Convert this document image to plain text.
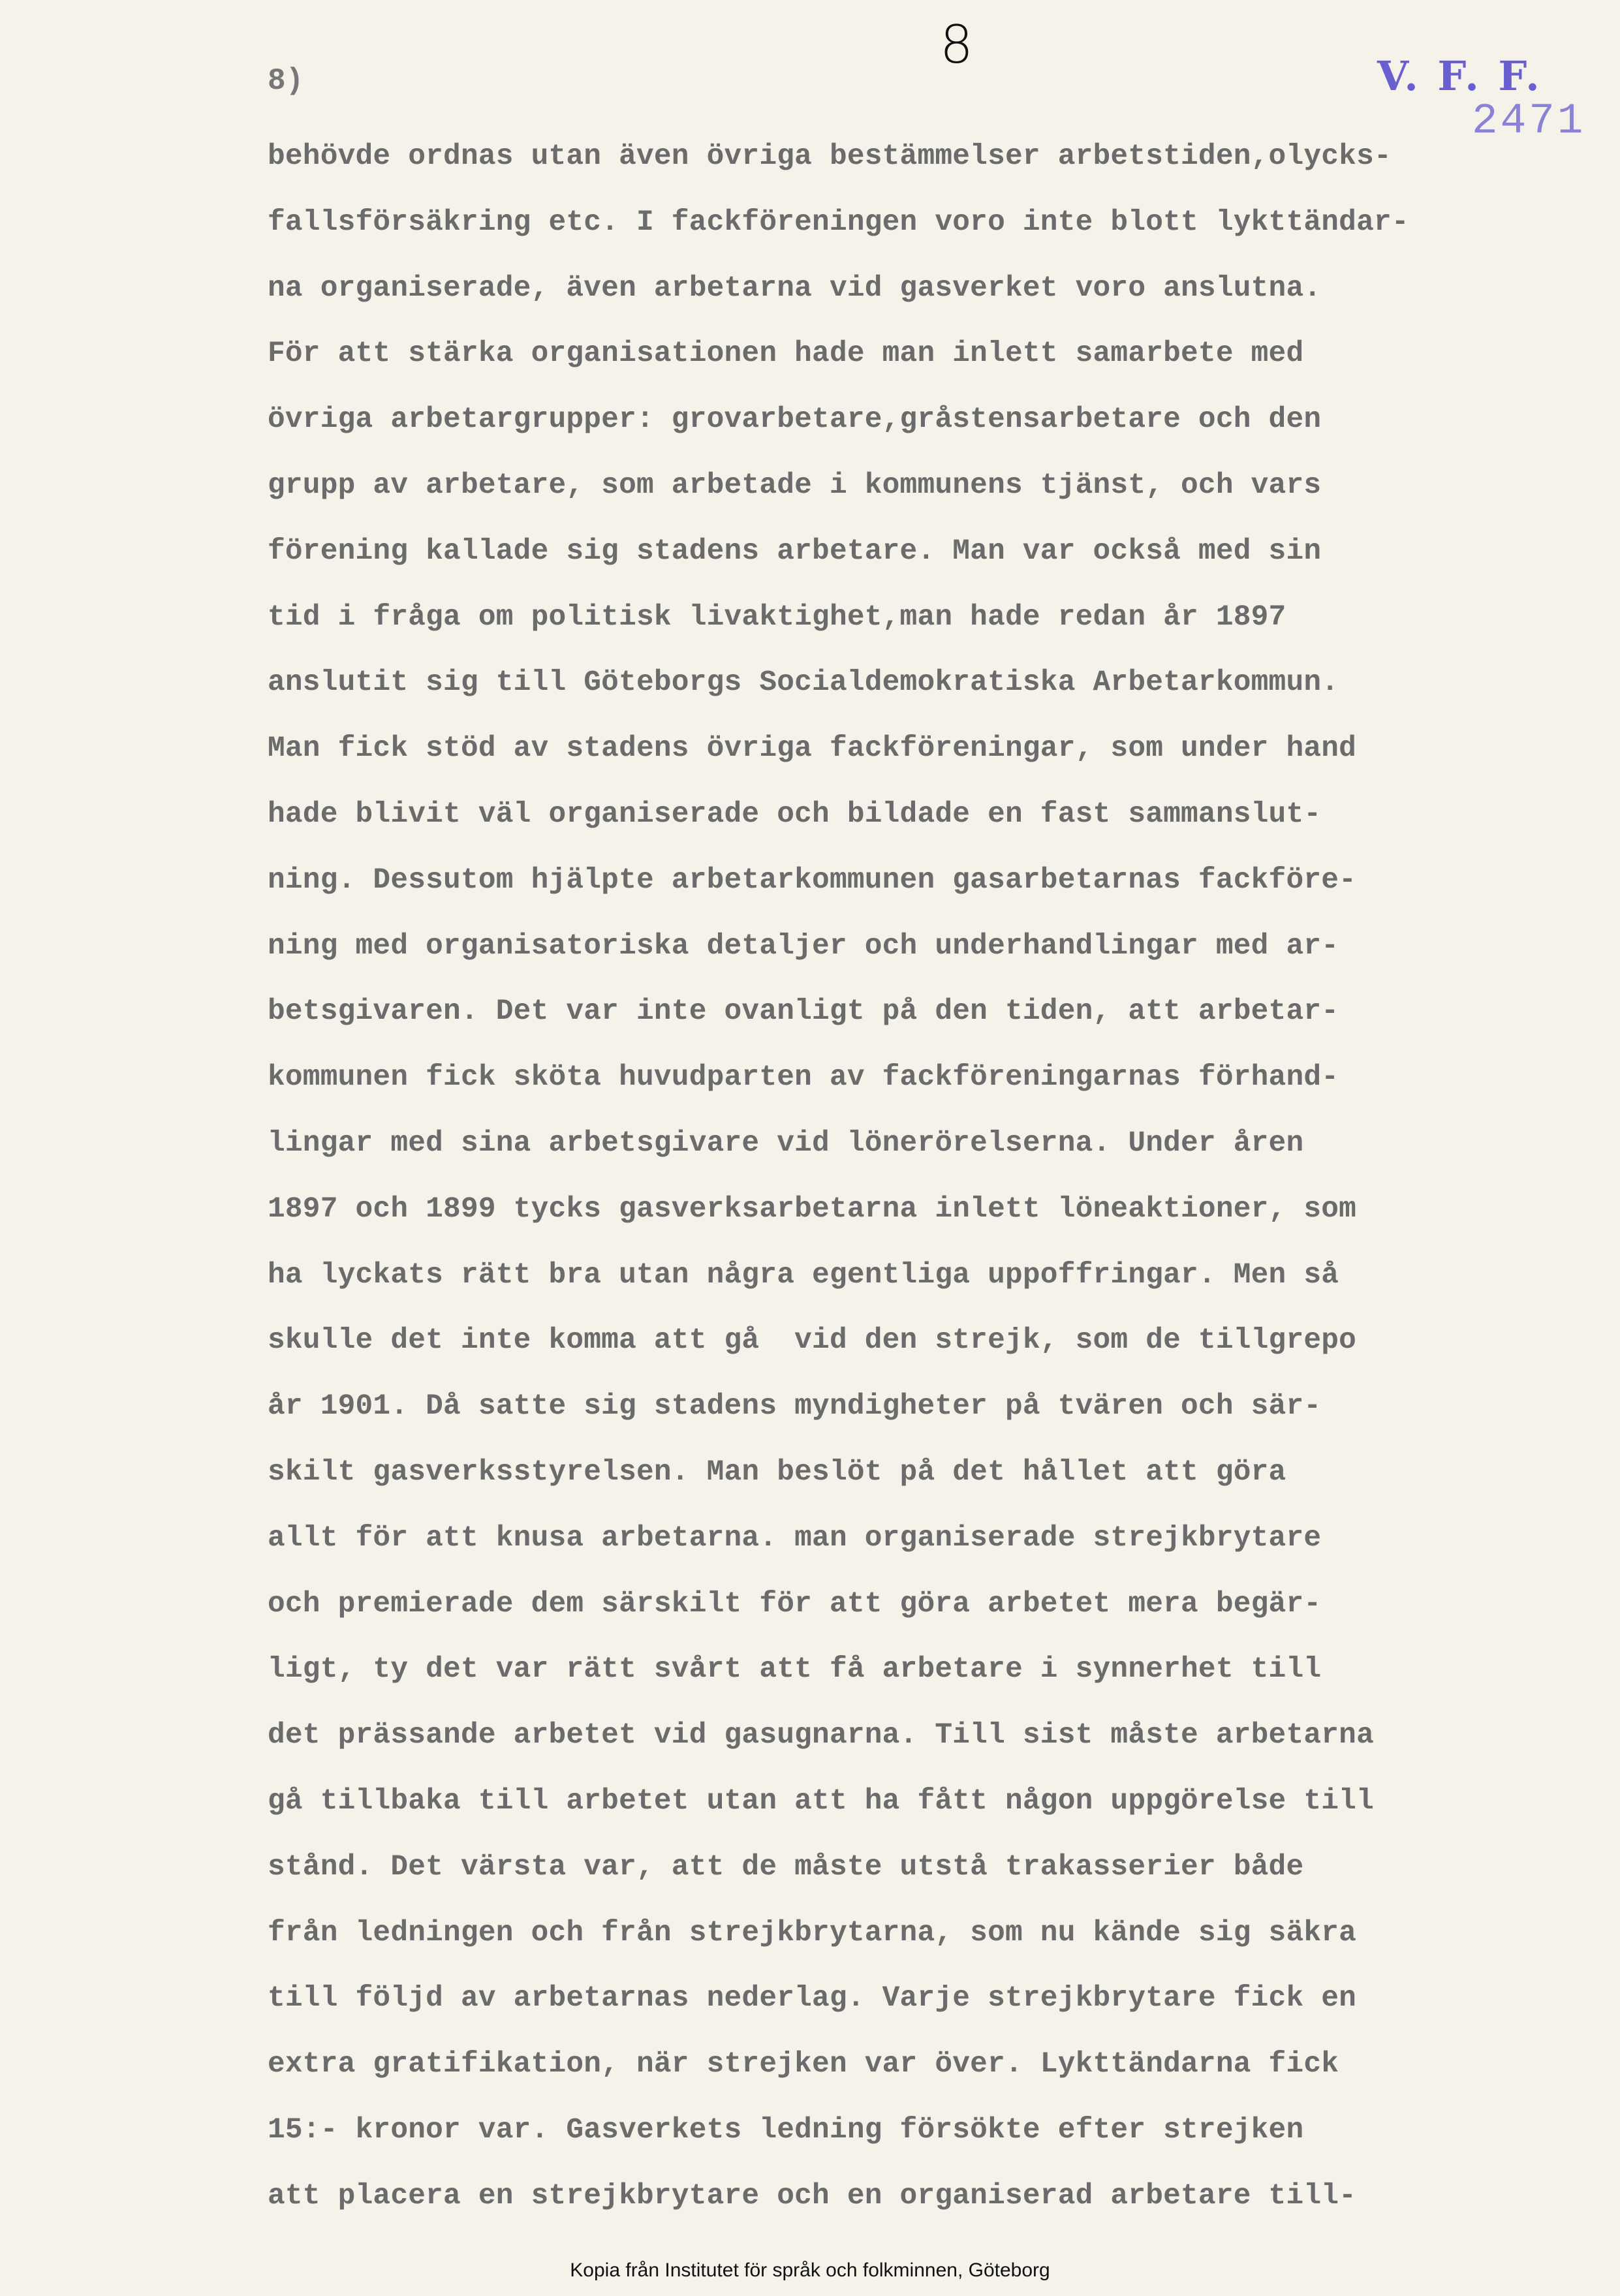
8
8)	V. F. F.
2471
behövde ordnas utan även övriga bestämmelser arbetstiden,olycks-
fallsförsäkring etc. I fackföreningen voro inte blott lykttändar-
na organiserade, även arbetarna vid gasverket voro anslutna.
För att stärka organisationen hade man inlett samarbete med
övriga arbetargrupper: grovarbetare,gråstensarbetare och den
grupp av arbetare, som arbetade i kommunens tjänst, och vars
förening kallade sig stadens arbetare. Man var också med sin
tid i fråga om politisk livaktighet,man hade redan år 1897
anslutit sig till Göteborgs Socialdemokratiska Arbetarkommun.
Man fick stöd av stadens övriga fackföreningar, som under hand
hade blivit väl organiserade och bildade en fast sammanslut-
ning. Dessutom hjälpte arbetarkommunen gasarbetarnas fackföre-
ning med organisatoriska detaljer och underhandlingar med ar-
betsgivaren. Det var inte ovanligt på den tiden, att arbetar-
kommunen fick sköta huvudparten av fackföreningarnas förhand-
lingar med sina arbetsgivare vid lönerörelserna. Under åren
1897 och 1899 tycks gasverksarbetarna inlett löneaktioner, som
ha lyckats rätt bra utan några egentliga uppoffringar. Men så
skulle det inte komma att gå  vid den strejk, som de tillgrepo
år 1901. Då satte sig stadens myndigheter på tvären och sär-
skilt gasverksstyrelsen. Man beslöt på det hållet att göra
allt för att knusa arbetarna. man organiserade strejkbrytare
och premierade dem särskilt för att göra arbetet mera begär-
ligt, ty det var rätt svårt att få arbetare i synnerhet till
det prässande arbetet vid gasugnarna. Till sist måste arbetarna
gå tillbaka till arbetet utan att ha fått någon uppgörelse till
stånd. Det värsta var, att de måste utstå trakasserier både
från ledningen och från strejkbrytarna, som nu kände sig säkra
till följd av arbetarnas nederlag. Varje strejkbrytare fick en
extra gratifikation, när strejken var över. Lykttändarna fick
15:- kronor var. Gasverkets ledning försökte efter strejken
att placera en strejkbrytare och en organiserad arbetare till-
Kopia från Institutet för språk och folkminnen, Göteborg
